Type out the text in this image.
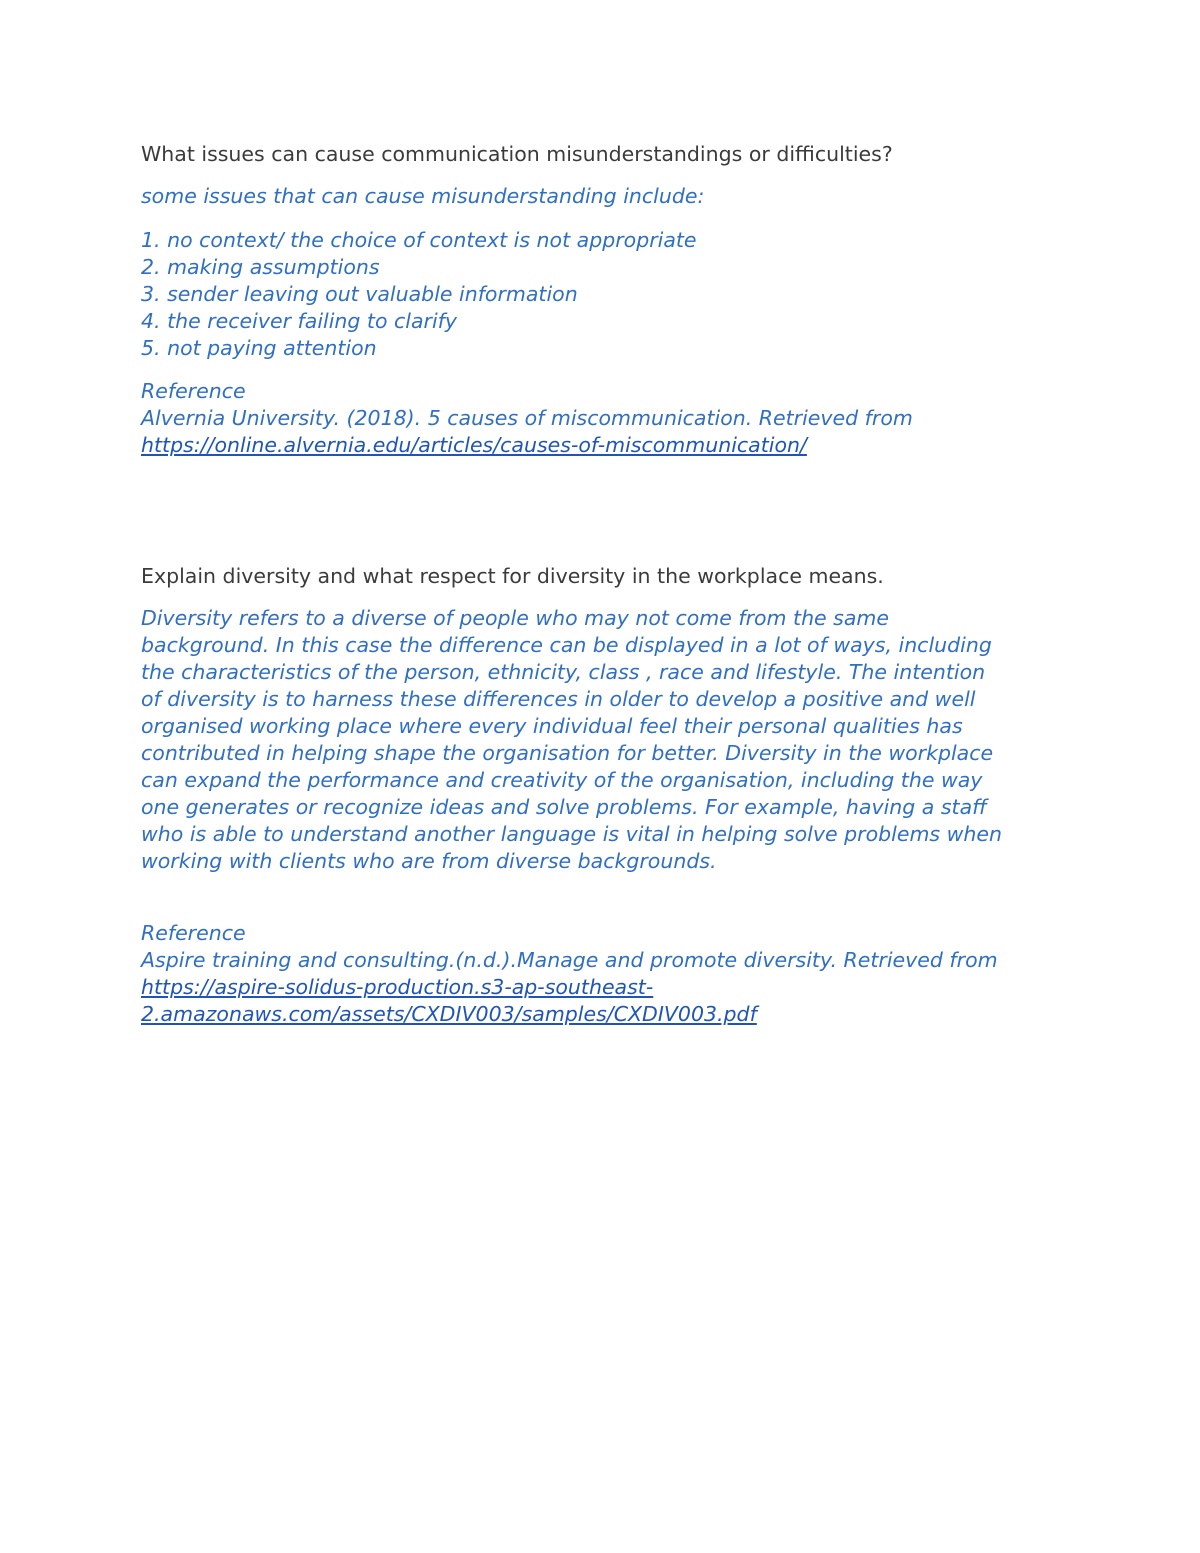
What issues can cause communication misunderstandings or difficulties?
some issues that can cause misunderstanding include:
1. no context/ the choice of context is not appropriate
2. making assumptions
3. sender leaving out valuable information
4. the receiver failing to clarify
5. not paying attention
Reference
Alvernia University. (2018). 5 causes of miscommunication. Retrieved from
https://online.alvernia.edu/articles/causes-of-miscommunication/
Explain diversity and what respect for diversity in the workplace means.
Diversity refers to a diverse of people who may not come from the same
background. In this case the difference can be displayed in a lot of ways, including
the characteristics of the person, ethnicity, class , race and lifestyle. The intention
of diversity is to harness these differences in older to develop a positive and well
organised working place where every individual feel their personal qualities has
contributed in helping shape the organisation for better. Diversity in the workplace
can expand the performance and creativity of the organisation, including the way
one generates or recognize ideas and solve problems. For example, having a staff
who is able to understand another language is vital in helping solve problems when
working with clients who are from diverse backgrounds.
Reference
Aspire training and consulting.(n.d.).Manage and promote diversity. Retrieved from
https://aspire-solidus-production.s3-ap-southeast-
2.amazonaws.com/assets/CXDIV003/samples/CXDIV003.pdf
